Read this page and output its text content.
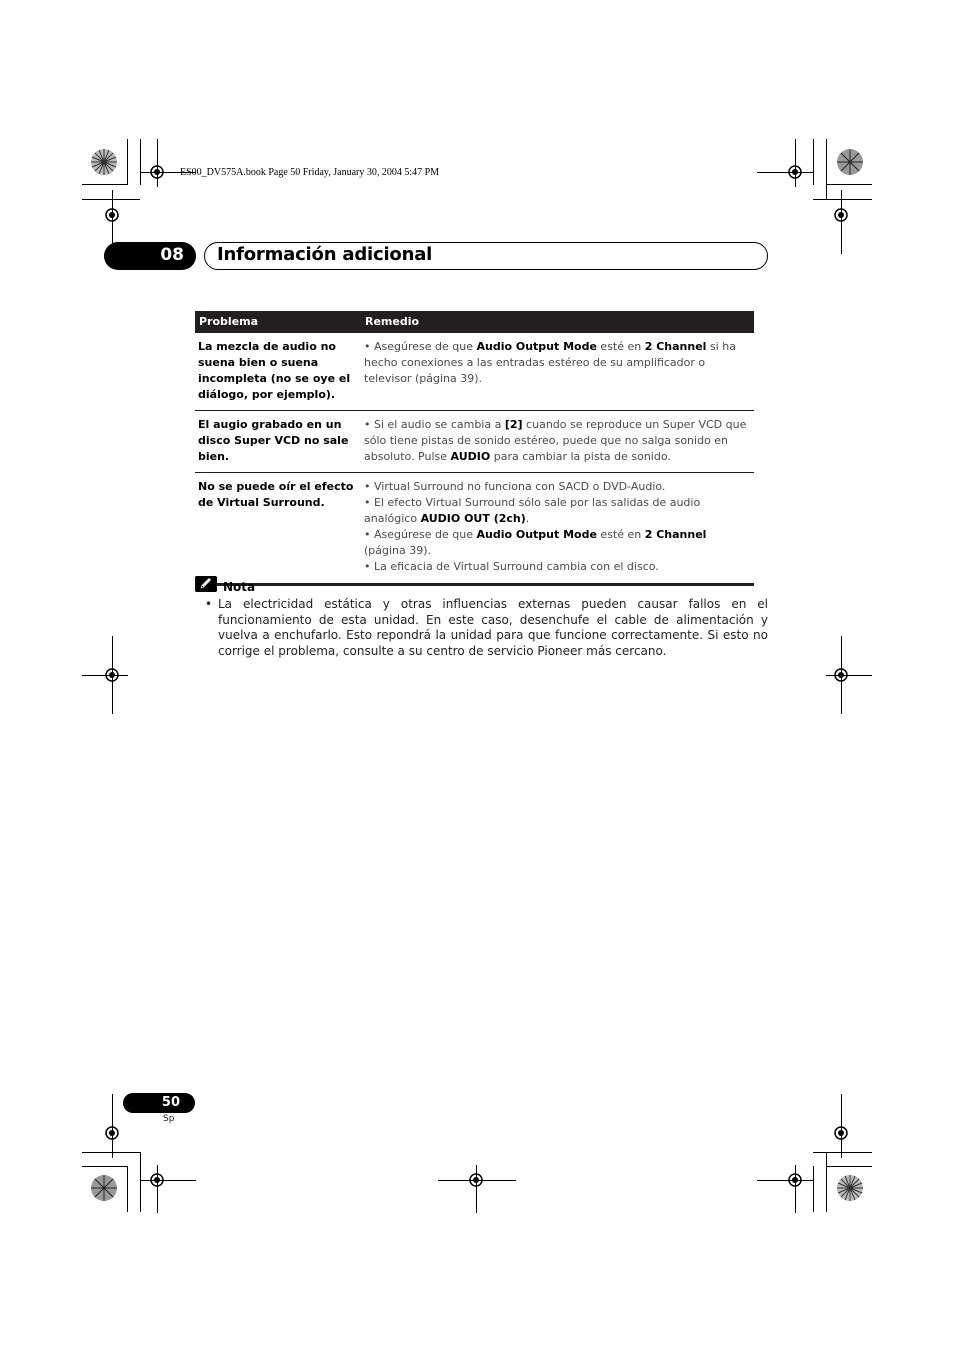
ES00_DV575A.book Page 50 Friday, January 30, 2004 5:47 PM
08 Información adicional
Problema	Remedio
La mezcla de audio no suena bien o suena incompleta (no se oye el diálogo, por ejemplo).	• Asegúrese de que Audio Output Mode esté en 2 Channel si ha hecho conexiones a las entradas estéreo de su amplificador o televisor (página 39).

El augio grabado en un disco Super VCD no sale bien.	• Si el audio se cambia a [2] cuando se reproduce un Super VCD que sólo tiene pistas de sonido estéreo, puede que no salga sonido en absoluto. Pulse AUDIO para cambiar la pista de sonido.

No se puede oír el efecto de Virtual Surround.	• Virtual Surround no funciona con SACD o DVD-Audio.
• El efecto Virtual Surround sólo sale por las salidas de audio analógico AUDIO OUT (2ch).
• Asegúrese de que Audio Output Mode esté en 2 Channel (página 39).
• La eficacia de Virtual Surround cambia con el disco.
Nota
• La electricidad estática y otras influencias externas pueden causar fallos en el funcionamiento de esta unidad. En este caso, desenchufe el cable de alimentación y vuelva a enchufarlo. Esto repondrá la unidad para que funcione correctamente. Si esto no corrige el problema, consulte a su centro de servicio Pioneer más cercano.
50
Sp
